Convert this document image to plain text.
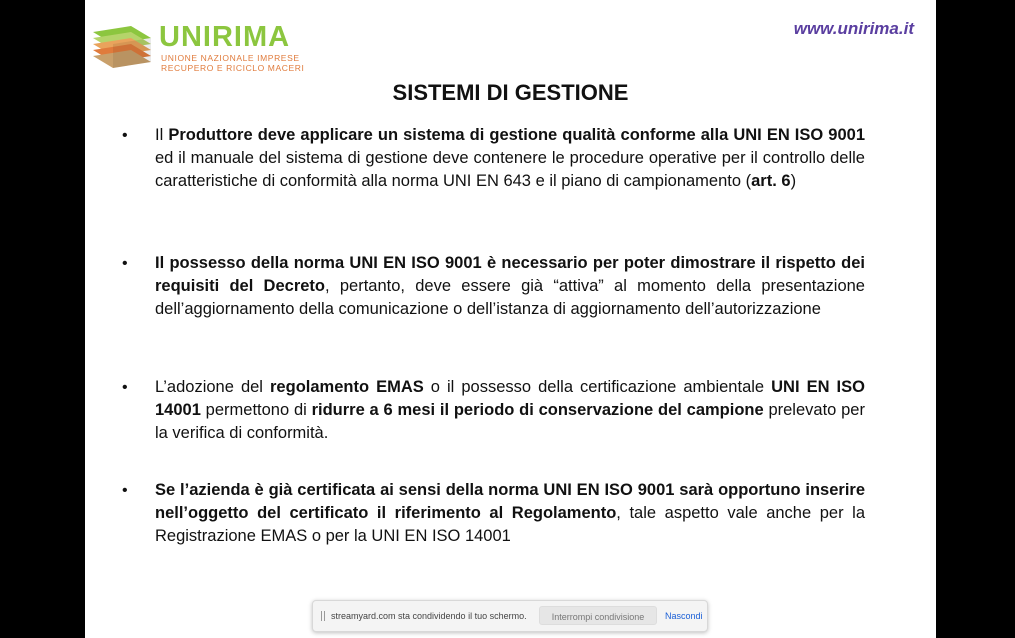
UNIRIMA
UNIONE NAZIONALE IMPRESE
RECUPERO E RICICLO MACERI
www.unirima.it
SISTEMI DI GESTIONE
• Il Produttore deve applicare un sistema di gestione qualità conforme alla UNI EN ISO 9001 ed il manuale del sistema di gestione deve contenere le procedure operative per il controllo delle caratteristiche di conformità alla norma UNI EN 643 e il piano di campionamento (art. 6)
• Il possesso della norma UNI EN ISO 9001 è necessario per poter dimostrare il rispetto dei requisiti del Decreto, pertanto, deve essere già “attiva” al momento della presentazione dell’aggiornamento della comunicazione o dell’istanza di aggiornamento dell’autorizzazione
• L’adozione del regolamento EMAS o il possesso della certificazione ambientale UNI EN ISO 14001 permettono di ridurre a 6 mesi il periodo di conservazione del campione prelevato per la verifica di conformità.
• Se l’azienda è già certificata ai sensi della norma UNI EN ISO 9001 sarà opportuno inserire nell’oggetto del certificato il riferimento al Regolamento, tale aspetto vale anche per la Registrazione EMAS o per la UNI EN ISO 14001
streamyard.com sta condividendo il tuo schermo.	Interrompi condivisione	Nascondi
